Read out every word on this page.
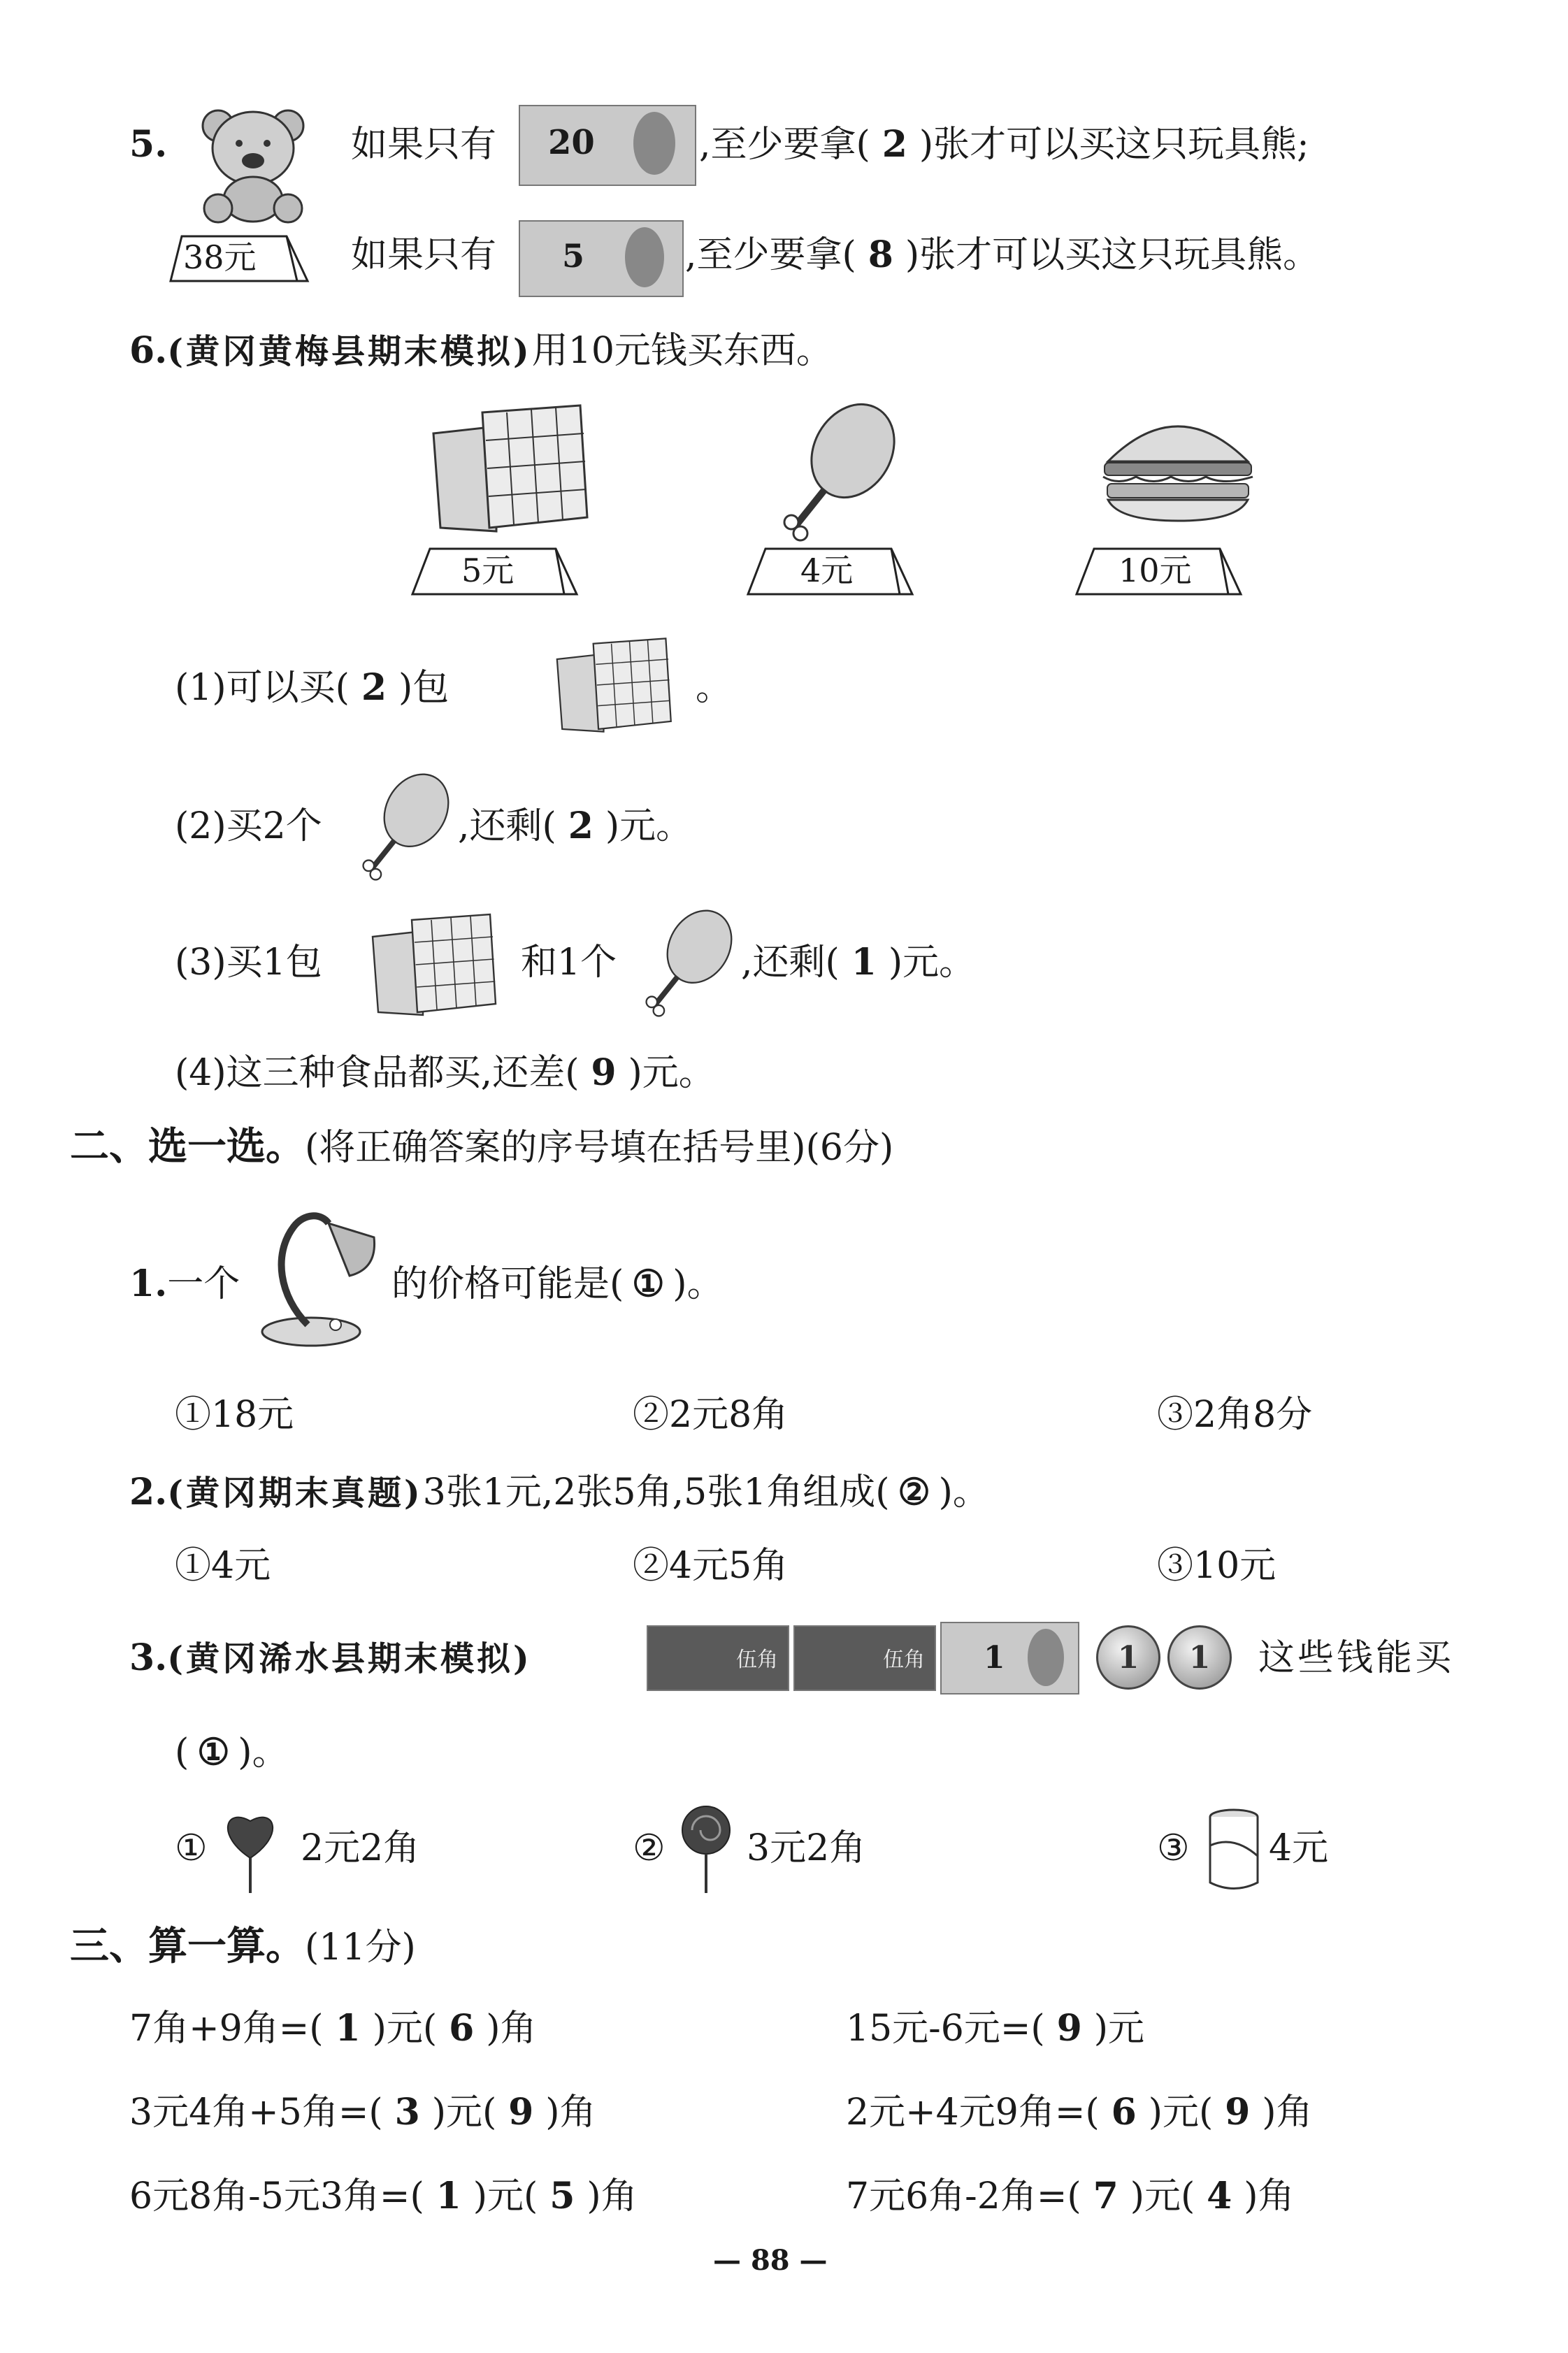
5.
38元
如果只有 20	,至少要拿( 2 )张才可以买这只玩具熊;
如果只有 5	,至少要拿( 8 )张才可以买这只玩具熊。
6.(黄冈黄梅县期末模拟)用10元钱买东西。
5元	4元	10元
(1)可以买( 2 )包	。
(2)买2个	,还剩( 2 )元。
(3)买1包	和1个	,还剩( 1 )元。
(4)这三种食品都买,还差( 9 )元。
二、选一选。(将正确答案的序号填在括号里)(6分)
1.一个	的价格可能是( ① )。
①18元	②2元8角	③2角8分
2.(黄冈期末真题)3张1元,2张5角,5张1角组成( ② )。
①4元	②4元5角	③10元
3.(黄冈浠水县期末模拟)	伍角	伍角 1	1	1	这些钱能买
( ① )。
①	2元2角	② 3元2角	③ 4元
三、算一算。(11分)
7角+9角=( 1 )元( 6 )角	15元-6元=( 9 )元
3元4角+5角=( 3 )元( 9 )角	2元+4元9角=( 6 )元( 9 )角
6元8角-5元3角=( 1 )元( 5 )角	7元6角-2角=( 7 )元( 4 )角
— 88 —
